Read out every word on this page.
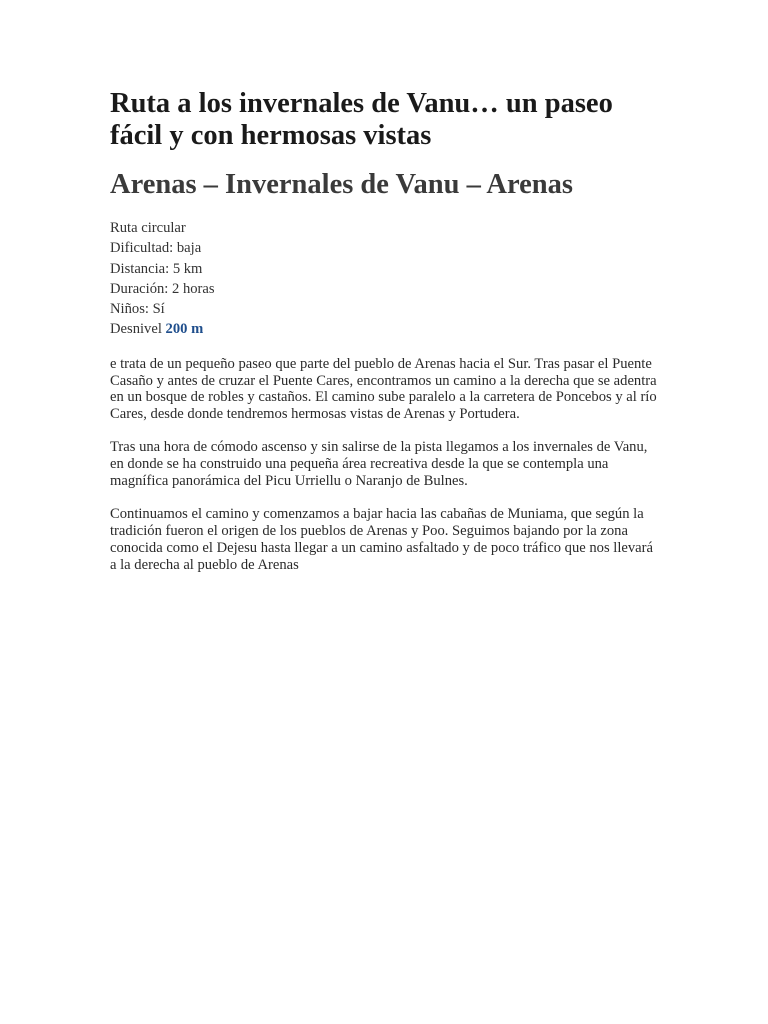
Ruta a los invernales de Vanu… un paseo fácil y con hermosas vistas
Arenas – Invernales de Vanu – Arenas
Ruta circular
Dificultad: baja
Distancia: 5 km
Duración: 2 horas
Niños: Sí
Desnivel 200 m

e trata de un pequeño paseo que parte del pueblo de Arenas hacia el Sur. Tras pasar el Puente Casaño y antes de cruzar el Puente Cares, encontramos un camino a la derecha que se adentra en un bosque de robles y castaños. El camino sube paralelo a la carretera de Poncebos y al río Cares, desde donde tendremos hermosas vistas de Arenas y Portudera.

Tras una hora de cómodo ascenso y sin salirse de la pista llegamos a los invernales de Vanu, en donde se ha construido una pequeña área recreativa desde la que se contempla una magnífica panorámica del Picu Urriellu o Naranjo de Bulnes.

Continuamos el camino y comenzamos a bajar hacia las cabañas de Muniama, que según la tradición fueron el origen de los pueblos de Arenas y Poo. Seguimos bajando por la zona conocida como el Dejesu hasta llegar a un camino asfaltado y de poco tráfico que nos llevará a la derecha al pueblo de Arenas
